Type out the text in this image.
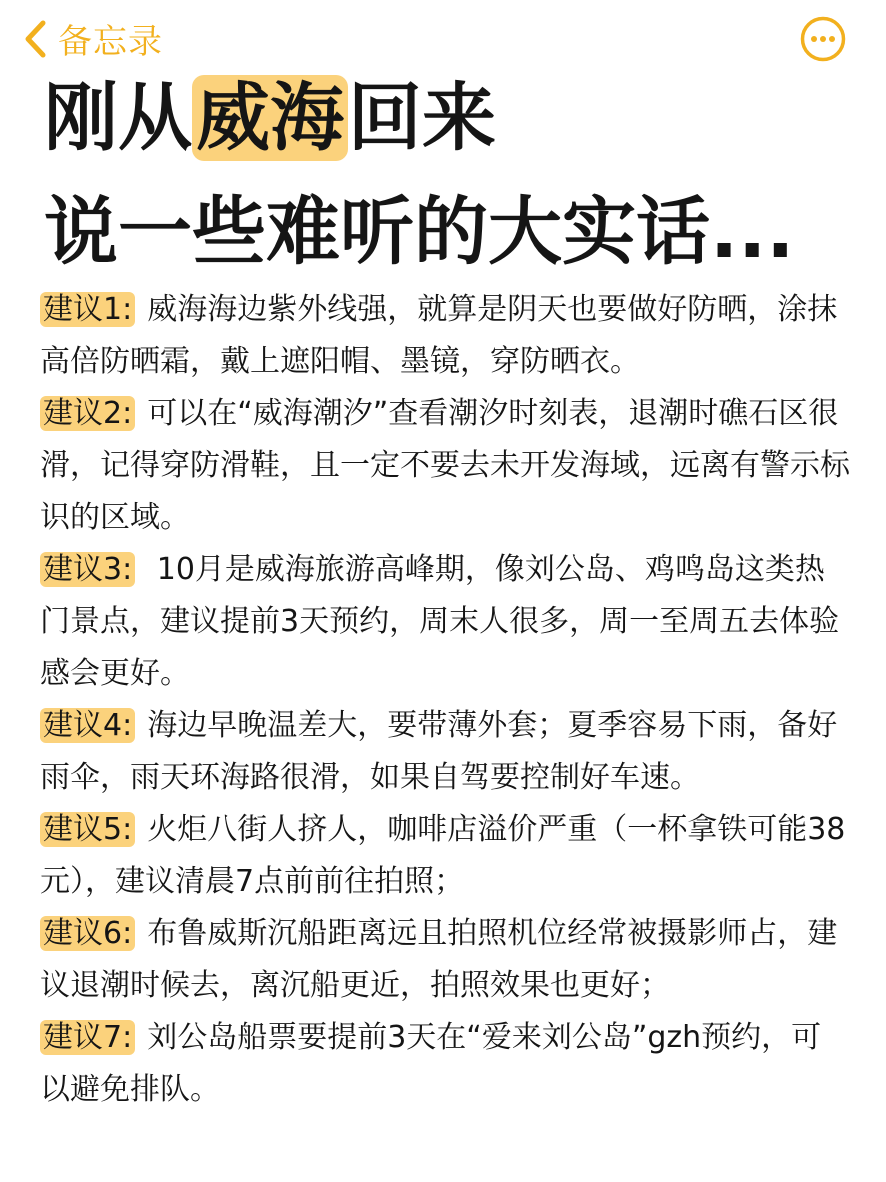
备忘录
刚从威海回来
说一些难听的大实话...
建议1: 威海海边紫外线强，就算是阴天也要做好防晒，涂抹高倍防晒霜，戴上遮阳帽、墨镜，穿防晒衣。
建议2: 可以在“威海潮汐”查看潮汐时刻表，退潮时礁石区很滑，记得穿防滑鞋，且一定不要去未开发海域，远离有警示标识的区域。
建议3: 10月是威海旅游高峰期，像刘公岛、鸡鸣岛这类热门景点，建议提前3天预约，周末人很多，周一至周五去体验感会更好。
建议4: 海边早晚温差大，要带薄外套；夏季容易下雨，备好雨伞，雨天环海路很滑，如果自驾要控制好车速。
建议5: 火炬八街人挤人，咖啡店溢价严重（一杯拿铁可能38元），建议清晨7点前前往拍照；
建议6: 布鲁威斯沉船距离远且拍照机位经常被摄影师占，建议退潮时候去，离沉船更近，拍照效果也更好；
建议7: 刘公岛船票要提前3天在“爱来刘公岛”gzh预约，可以避免排队。
